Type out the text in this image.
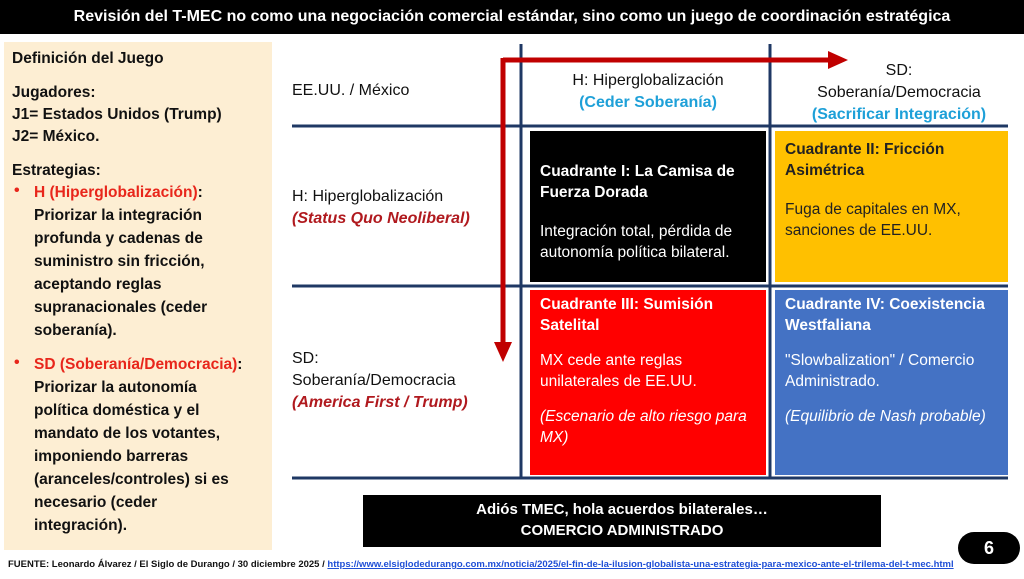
Revisión del T-MEC no como una negociación comercial estándar, sino como un juego de coordinación estratégica
Definición del Juego
Jugadores:
J1= Estados Unidos (Trump)
J2= México.
Estrategias:
• H (Hiperglobalización):
Priorizar la integración
profunda y cadenas de
suministro sin fricción,
aceptando reglas
supranacionales (ceder
soberanía).
• SD (Soberanía/Democracia):
Priorizar la autonomía
política doméstica y el
mandato de los votantes,
imponiendo barreras
(aranceles/controles) si es
necesario (ceder
integración).
EE.UU. / México
H: Hiperglobalización
(Ceder Soberanía)
SD:
Soberanía/Democracia
(Sacrificar Integración)
H: Hiperglobalización
(Status Quo Neoliberal)
SD:
Soberanía/Democracia
(America First / Trump)
Cuadrante I: La Camisa de Fuerza Dorada
Integración total, pérdida de autonomía política bilateral.
Cuadrante II: Fricción Asimétrica
Fuga de capitales en MX, sanciones de EE.UU.
Cuadrante III: Sumisión Satelital
MX cede ante reglas unilaterales de EE.UU.
(Escenario de alto riesgo para MX)
Cuadrante IV: Coexistencia Westfaliana
"Slowbalization" / Comercio Administrado.
(Equilibrio de Nash probable)
Adiós TMEC, hola acuerdos bilaterales…
COMERCIO ADMINISTRADO
6
FUENTE: Leonardo Álvarez / El Siglo de Durango / 30 diciembre 2025 / https://www.elsiglodedurango.com.mx/noticia/2025/el-fin-de-la-ilusion-globalista-una-estrategia-para-mexico-ante-el-trilema-del-t-mec.html
